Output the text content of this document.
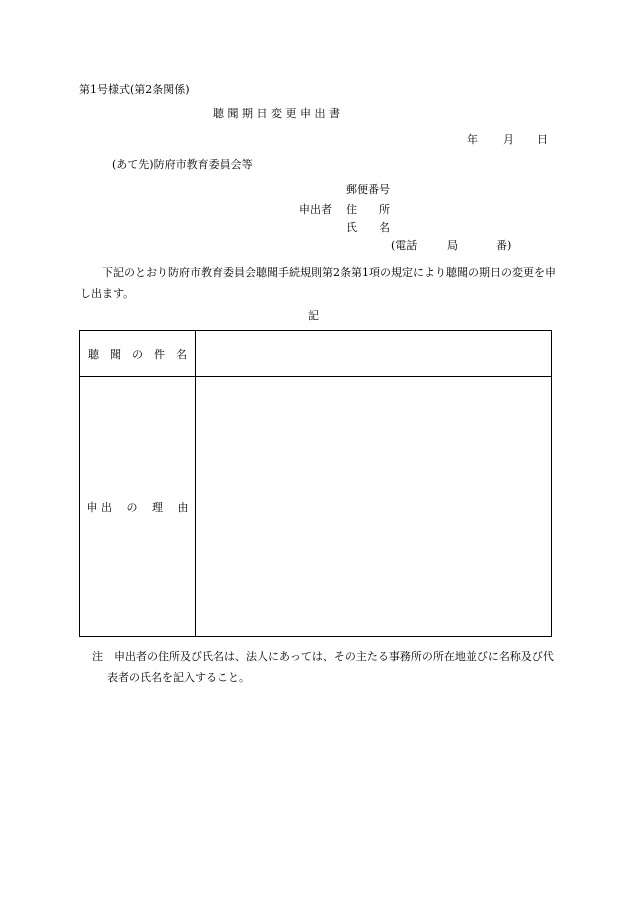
第1号様式(第2条関係)
聴 聞 期 日 変 更 申 出 書
年 月 日
(あて先)防府市教育委員会等
郵便番号
申出者 住　　所
氏　　名
(電話	局	番)
下記のとおり防府市教育委員会聴聞手続規則第2条第1項の規定により聴聞の期日の変更を申し出ます。
記
聴　聞　の　件　名	
申 出　 の　 理　 由	
注　申出者の住所及び氏名は、法人にあっては、その主たる事務所の所在地並びに名称及び代表者の氏名を記入すること。
